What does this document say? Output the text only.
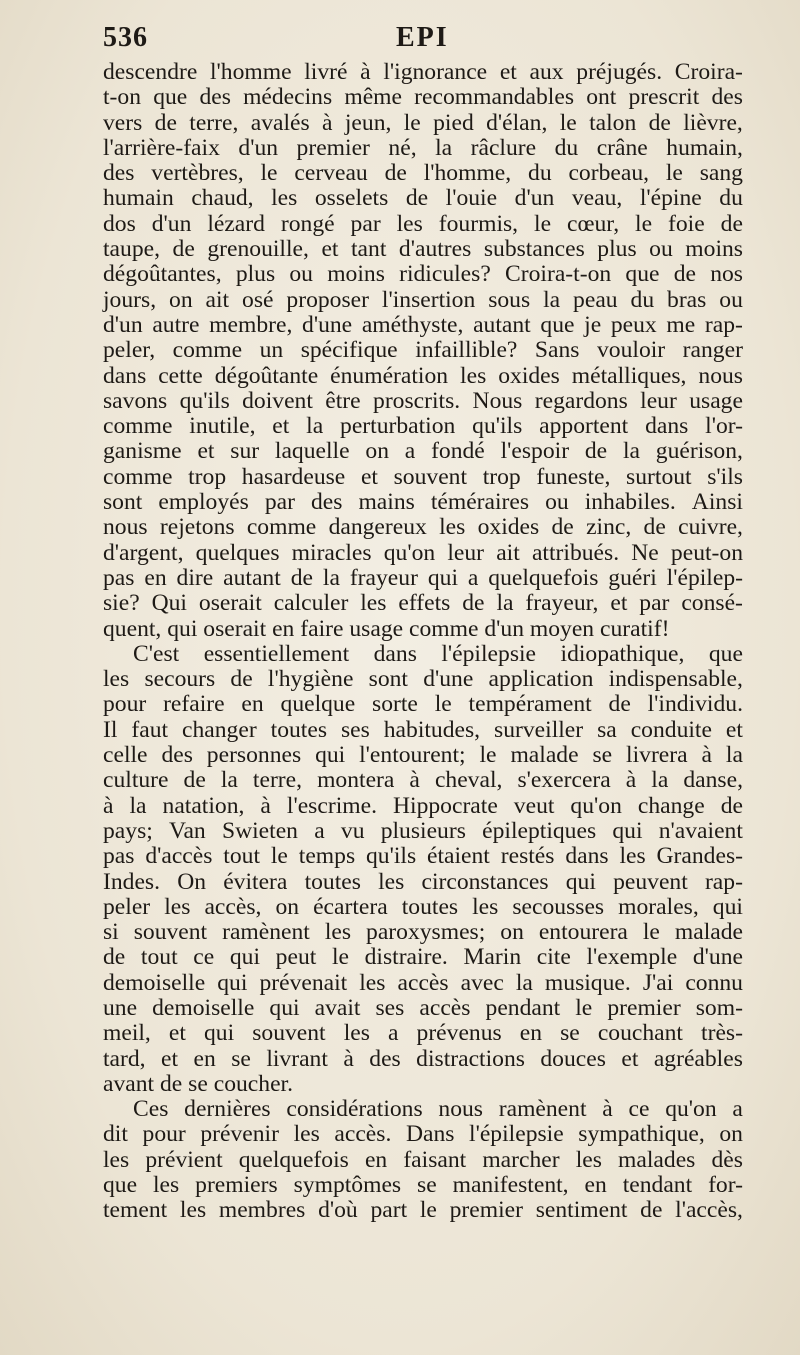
536	EPI
descendre l'homme livré à l'ignorance et aux préjugés. Croira-
t-on que des médecins même recommandables ont prescrit des
vers de terre, avalés à jeun, le pied d'élan, le talon de lièvre,
l'arrière-faix d'un premier né, la râclure du crâne humain,
des vertèbres, le cerveau de l'homme, du corbeau, le sang
humain chaud, les osselets de l'ouie d'un veau, l'épine du
dos d'un lézard rongé par les fourmis, le cœur, le foie de
taupe, de grenouille, et tant d'autres substances plus ou moins
dégoûtantes, plus ou moins ridicules? Croira-t-on que de nos
jours, on ait osé proposer l'insertion sous la peau du bras ou
d'un autre membre, d'une améthyste, autant que je peux me rap-
peler, comme un spécifique infaillible? Sans vouloir ranger
dans cette dégoûtante énumération les oxides métalliques, nous
savons qu'ils doivent être proscrits. Nous regardons leur usage
comme inutile, et la perturbation qu'ils apportent dans l'or-
ganisme et sur laquelle on a fondé l'espoir de la guérison,
comme trop hasardeuse et souvent trop funeste, surtout s'ils
sont employés par des mains téméraires ou inhabiles. Ainsi
nous rejetons comme dangereux les oxides de zinc, de cuivre,
d'argent, quelques miracles qu'on leur ait attribués. Ne peut-on
pas en dire autant de la frayeur qui a quelquefois guéri l'épilep-
sie? Qui oserait calculer les effets de la frayeur, et par consé-
quent, qui oserait en faire usage comme d'un moyen curatif!
C'est essentiellement dans l'épilepsie idiopathique, que
les secours de l'hygiène sont d'une application indispensable,
pour refaire en quelque sorte le tempérament de l'individu.
Il faut changer toutes ses habitudes, surveiller sa conduite et
celle des personnes qui l'entourent; le malade se livrera à la
culture de la terre, montera à cheval, s'exercera à la danse,
à la natation, à l'escrime. Hippocrate veut qu'on change de
pays; Van Swieten a vu plusieurs épileptiques qui n'avaient
pas d'accès tout le temps qu'ils étaient restés dans les Grandes-
Indes. On évitera toutes les circonstances qui peuvent rap-
peler les accès, on écartera toutes les secousses morales, qui
si souvent ramènent les paroxysmes; on entourera le malade
de tout ce qui peut le distraire. Marin cite l'exemple d'une
demoiselle qui prévenait les accès avec la musique. J'ai connu
une demoiselle qui avait ses accès pendant le premier som-
meil, et qui souvent les a prévenus en se couchant très-
tard, et en se livrant à des distractions douces et agréables
avant de se coucher.
Ces dernières considérations nous ramènent à ce qu'on a
dit pour prévenir les accès. Dans l'épilepsie sympathique, on
les prévient quelquefois en faisant marcher les malades dès
que les premiers symptômes se manifestent, en tendant for-
tement les membres d'où part le premier sentiment de l'accès,
